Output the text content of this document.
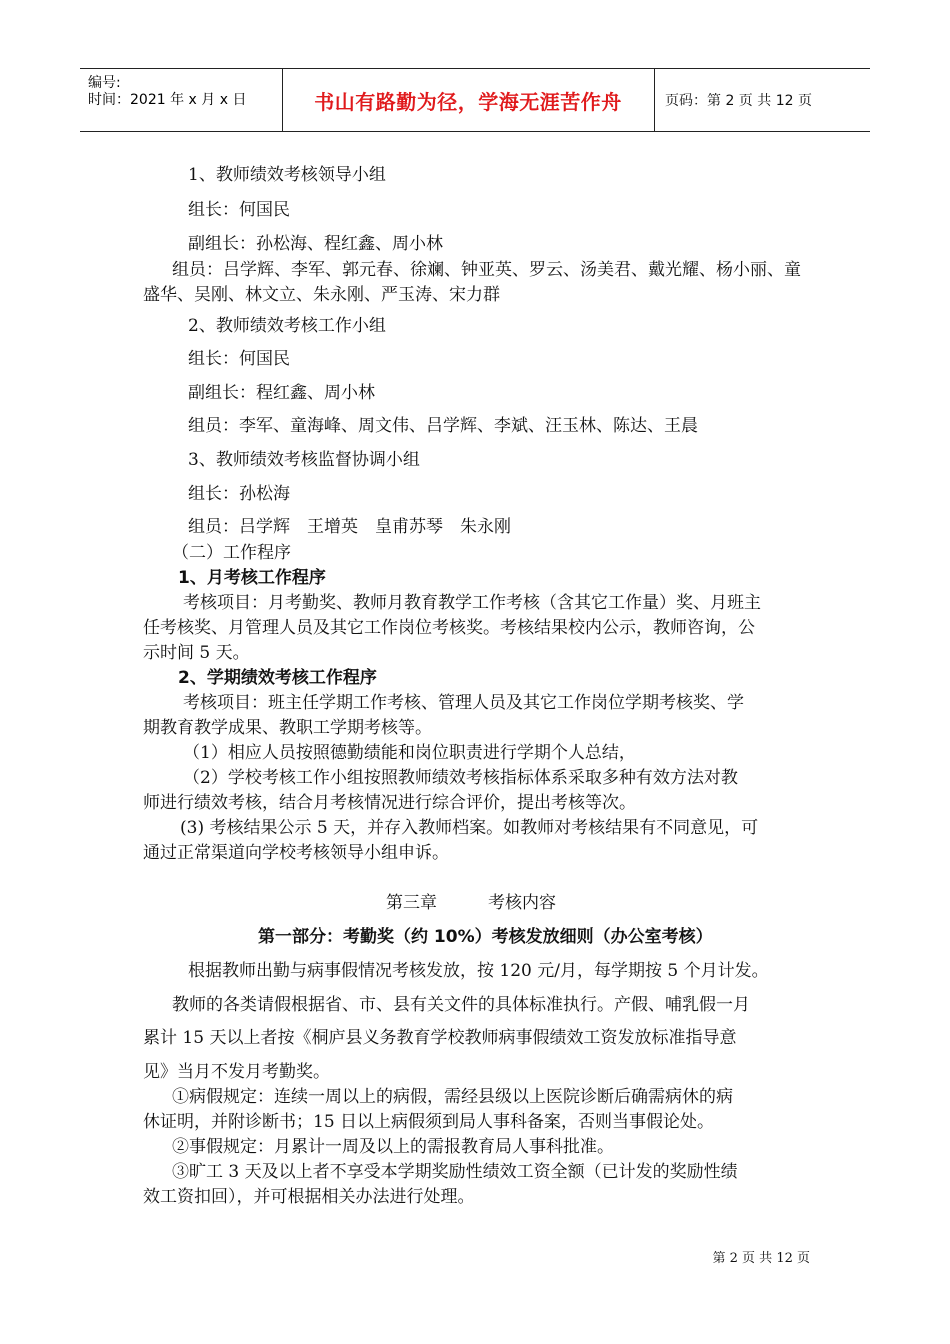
编号:
时间：2021 年 x 月 x 日	书山有路勤为径，学海无涯苦作舟	页码：第 2 页 共 12 页
1、教师绩效考核领导小组
组长：何国民
副组长：孙松海、程红鑫、周小林
组员：吕学辉、李军、郭元春、徐斓、钟亚英、罗云、汤美君、戴光耀、杨小丽、童
盛华、吴刚、林文立、朱永刚、严玉涛、宋力群
2、教师绩效考核工作小组
组长：何国民
副组长：程红鑫、周小林
组员：李军、童海峰、周文伟、吕学辉、李斌、汪玉林、陈达、王晨
3、教师绩效考核监督协调小组
组长：孙松海
组员：吕学辉　王增英　皇甫苏琴　朱永刚
（二）工作程序
1、月考核工作程序
考核项目：月考勤奖、教师月教育教学工作考核（含其它工作量）奖、月班主
任考核奖、月管理人员及其它工作岗位考核奖。考核结果校内公示，教师咨询，公
示时间 5 天。
2、学期绩效考核工作程序
考核项目：班主任学期工作考核、管理人员及其它工作岗位学期考核奖、学
期教育教学成果、教职工学期考核等。
（1）相应人员按照德勤绩能和岗位职责进行学期个人总结，
（2）学校考核工作小组按照教师绩效考核指标体系采取多种有效方法对教
师进行绩效考核，结合月考核情况进行综合评价，提出考核等次。
(3) 考核结果公示 5 天，并存入教师档案。如教师对考核结果有不同意见，可
通过正常渠道向学校考核领导小组申诉。
第三章　　　考核内容
第一部分：考勤奖（约 10%）考核发放细则（办公室考核）
根据教师出勤与病事假情况考核发放，按 120 元/月，每学期按 5 个月计发。
教师的各类请假根据省、市、县有关文件的具体标准执行。产假、哺乳假一月
累计 15 天以上者按《桐庐县义务教育学校教师病事假绩效工资发放标准指导意
见》当月不发月考勤奖。
①病假规定：连续一周以上的病假，需经县级以上医院诊断后确需病休的病
休证明，并附诊断书；15 日以上病假须到局人事科备案，否则当事假论处。
②事假规定：月累计一周及以上的需报教育局人事科批准。
③旷工 3 天及以上者不享受本学期奖励性绩效工资全额（已计发的奖励性绩
效工资扣回），并可根据相关办法进行处理。
第 2 页 共 12 页
